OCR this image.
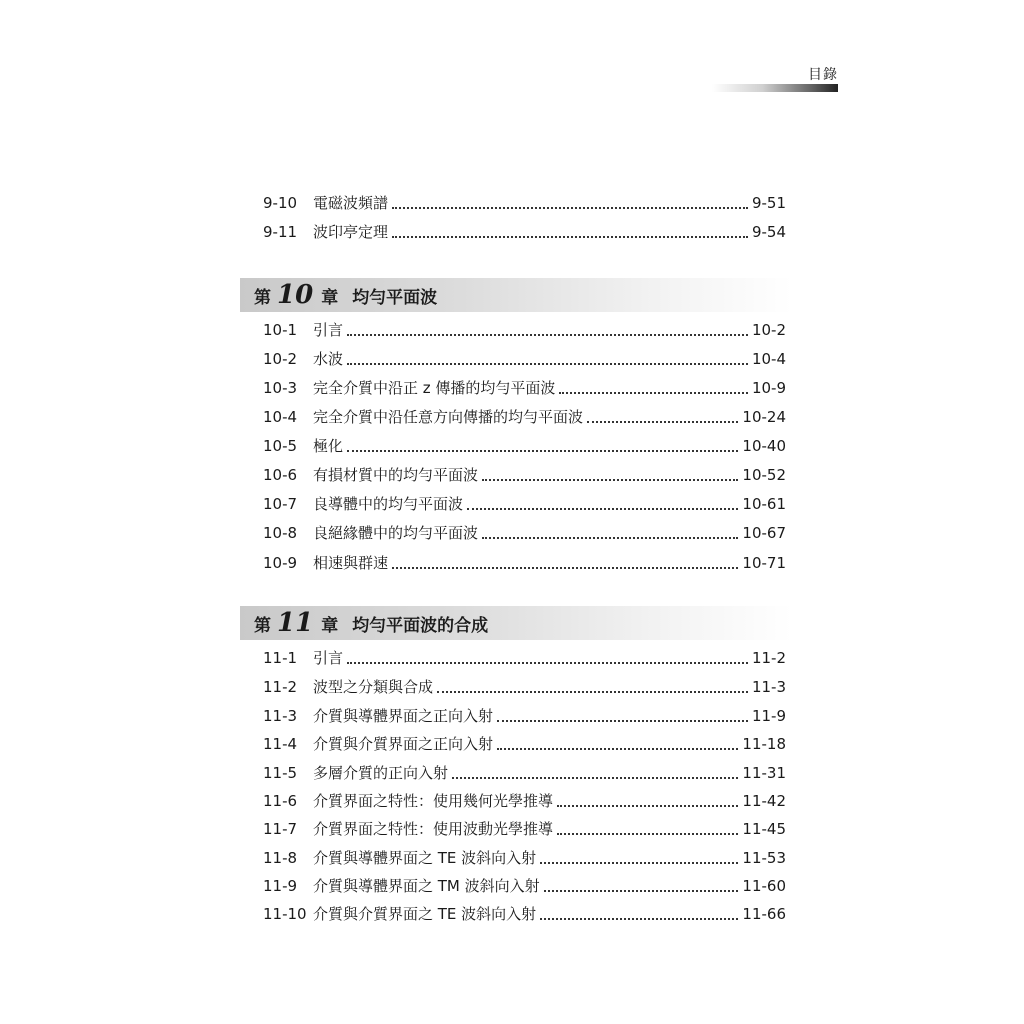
目錄
9-10	電磁波頻譜	9-51
9-11	波印亭定理	9-54
第 10 章 均勻平面波
10-1	引言	10-2
10-2	水波	10-4
10-3	完全介質中沿正 z 傳播的均勻平面波	10-9
10-4	完全介質中沿任意方向傳播的均勻平面波	10-24
10-5	極化	10-40
10-6	有損材質中的均勻平面波	10-52
10-7	良導體中的均勻平面波	10-61
10-8	良絕緣體中的均勻平面波	10-67
10-9	相速與群速	10-71
第 11 章 均勻平面波的合成
11-1	引言	11-2
11-2	波型之分類與合成	11-3
11-3	介質與導體界面之正向入射	11-9
11-4	介質與介質界面之正向入射	11-18
11-5	多層介質的正向入射	11-31
11-6	介質界面之特性：使用幾何光學推導	11-42
11-7	介質界面之特性：使用波動光學推導	11-45
11-8	介質與導體界面之 TE 波斜向入射	11-53
11-9	介質與導體界面之 TM 波斜向入射	11-60
11-10 介質與介質界面之 TE 波斜向入射	11-66
